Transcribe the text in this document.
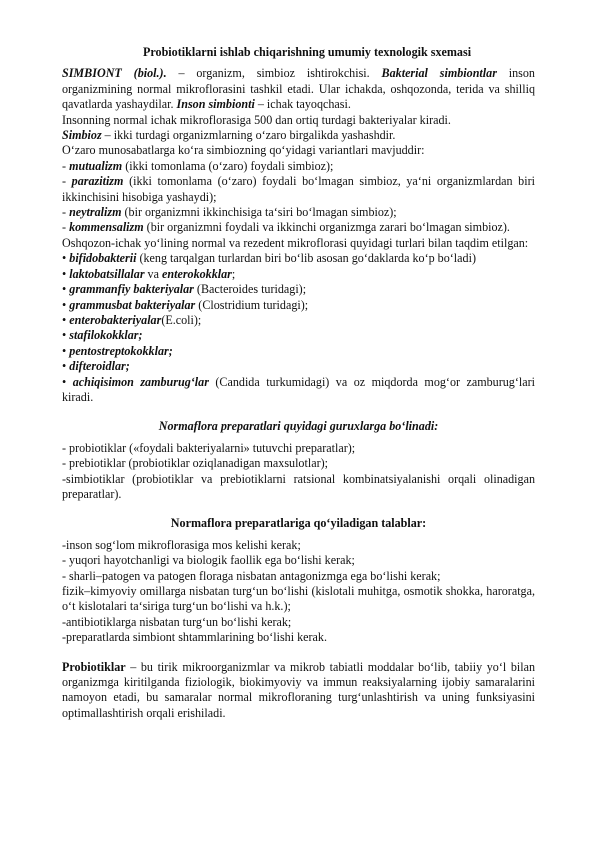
Probiotiklarni ishlab chiqarishning umumiy texnologik sxemasi

SIMBIONT (biol.). – organizm, simbioz ishtirokchisi. Bakterial simbiontlar inson organizmining normal mikroflorasini tashkil etadi. Ular ichakda, oshqozonda, terida va shilliq qavatlarda yashaydilar. Inson simbionti – ichak tayoqchasi.

Insonning normal ichak mikroflorasiga 500 dan ortiq turdagi bakteriyalar kiradi.

Simbioz – ikki turdagi organizmlarning o‘zaro birgalikda yashashdir.

O‘zaro munosabatlarga ko‘ra simbiozning qo‘yidagi variantlari mavjuddir:

- mutualizm (ikki tomonlama (o‘zaro) foydali simbioz);

- parazitizm (ikki tomonlama (o‘zaro) foydali bo‘lmagan simbioz, ya‘ni organizmlardan biri ikkinchisini hisobiga yashaydi);

- neytralizm (bir organizmni ikkinchisiga ta‘siri bo‘lmagan simbioz);

- kommensalizm (bir organizmni foydali va ikkinchi organizmga zarari bo‘lmagan simbioz).

Oshqozon-ichak yo‘lining normal va rezedent mikroflorasi quyidagi turlari bilan taqdim etilgan:

• bifidobakterii (keng tarqalgan turlardan biri bo‘lib asosan go‘daklarda ko‘p bo‘ladi)

• laktobatsillalar va enterokokklar;

• grammanfiy bakteriyalar (Bacteroides turidagi);

• grammusbat bakteriyalar (Clostridium turidagi);

• enterobakteriyalar(E.coli);

• stafilokokklar;

• pentostreptokokklar;

• difteroidlar;

• achiqisimon zamburug‘lar (Candida turkumidagi) va oz miqdorda mog‘or zamburug‘lari kiradi.

Normaflora preparatlari quyidagi guruxlarga bo‘linadi:

- probiotiklar («foydali bakteriyalarni» tutuvchi preparatlar);

- prebiotiklar (probiotiklar oziqlanadigan maxsulotlar);

-simbiotiklar (probiotiklar va prebiotiklarni ratsional kombinatsiyalanishi orqali olinadigan preparatlar).

Normaflora preparatlariga qo‘yiladigan talablar:

-inson sog‘lom mikroflorasiga mos kelishi kerak;

- yuqori hayotchanligi va biologik faollik ega bo‘lishi kerak;

- sharli–patogen va patogen floraga nisbatan antagonizmga ega bo‘lishi kerak;

fizik–kimyoviy omillarga nisbatan turg‘un bo‘lishi (kislotali muhitga, osmotik shokka, haroratga, o‘t kislotalari ta‘siriga turg‘un bo‘lishi va h.k.);

-antibiotiklarga nisbatan turg‘un bo‘lishi kerak;

-preparatlarda simbiont shtammlarining bo‘lishi kerak.

Probiotiklar – bu tirik mikroorganizmlar va mikrob tabiatli moddalar bo‘lib, tabiiy yo‘l bilan organizmga kiritilganda fiziologik, biokimyoviy va immun reaksiyalarning ijobiy samaralarini namoyon etadi, bu samaralar normal mikrofloraning turg‘unlashtirish va uning funksiyasini optimallashtirish orqali erishiladi.
